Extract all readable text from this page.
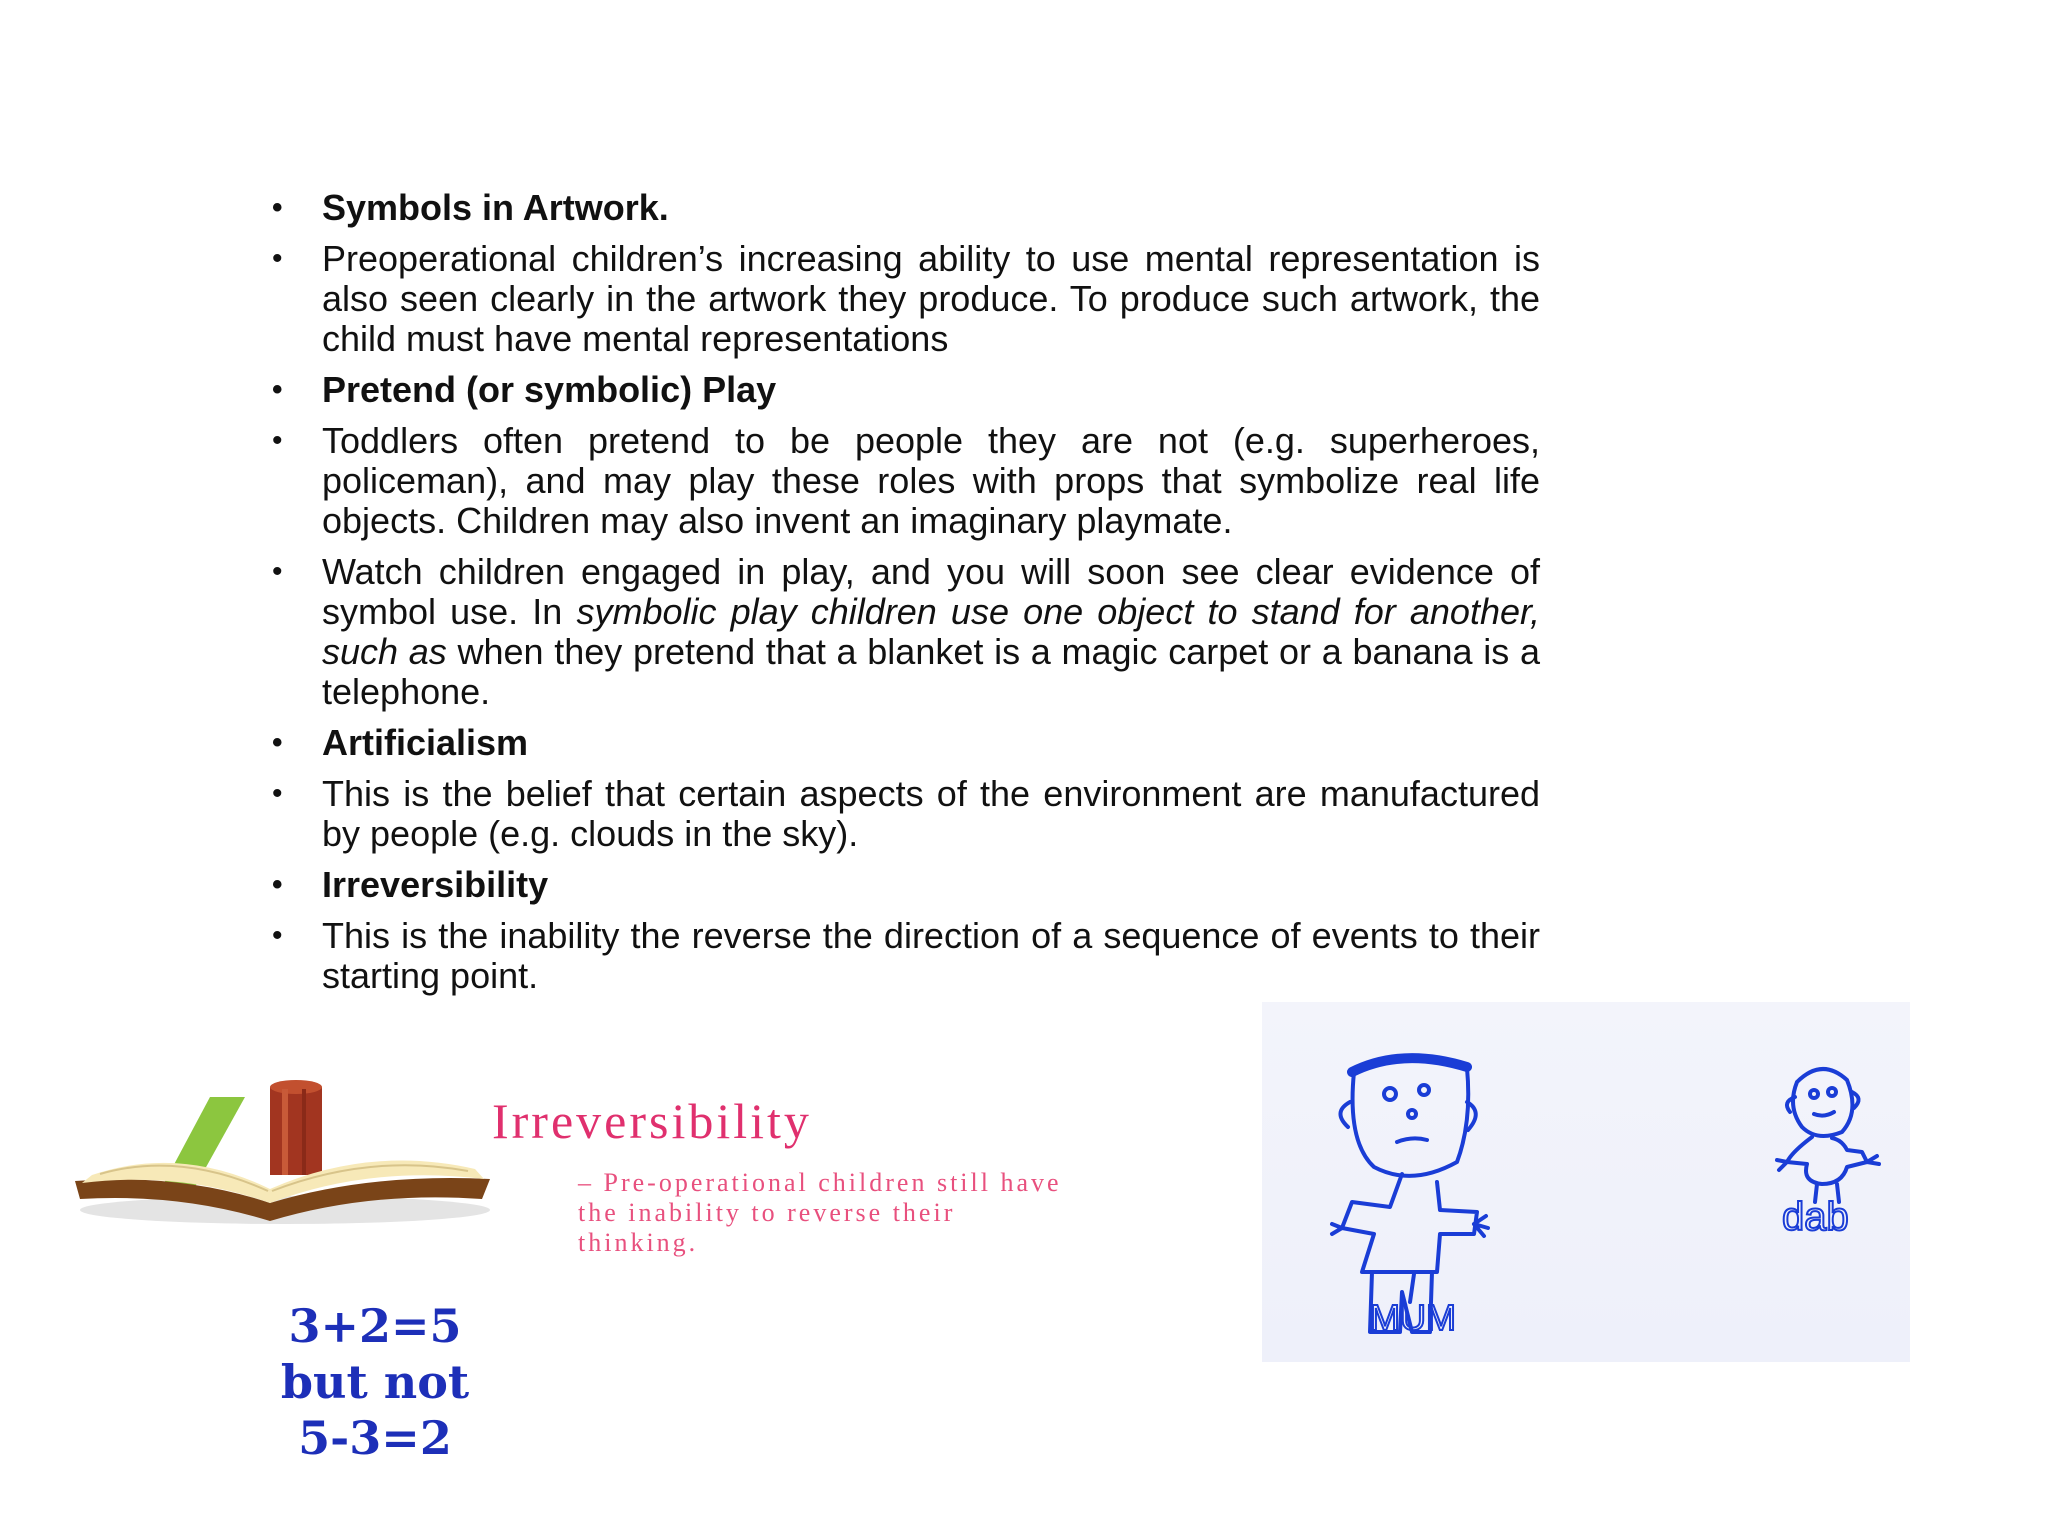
• Symbols in Artwork.
• Preoperational children’s increasing ability to use mental representation is also seen clearly in the artwork they produce. To produce such artwork, the child must have mental representations
• Pretend (or symbolic) Play
• Toddlers often pretend to be people they are not (e.g. superheroes, policeman), and may play these roles with props that symbolize real life objects. Children may also invent an imaginary playmate.
• Watch children engaged in play, and you will soon see clear evidence of symbol use. In symbolic play children use one object to stand for another, such as when they pretend that a blanket is a magic carpet or a banana is a telephone.
• Artificialism
• This is the belief that certain aspects of the environment are manufactured by people (e.g. clouds in the sky).
• Irreversibility
• This is the inability the reverse the direction of a sequence of events to their starting point.
Irreversibility
– Pre-operational children still have the inability to reverse their thinking.
3+2=5
but not
5-3=2
MUM
dab
